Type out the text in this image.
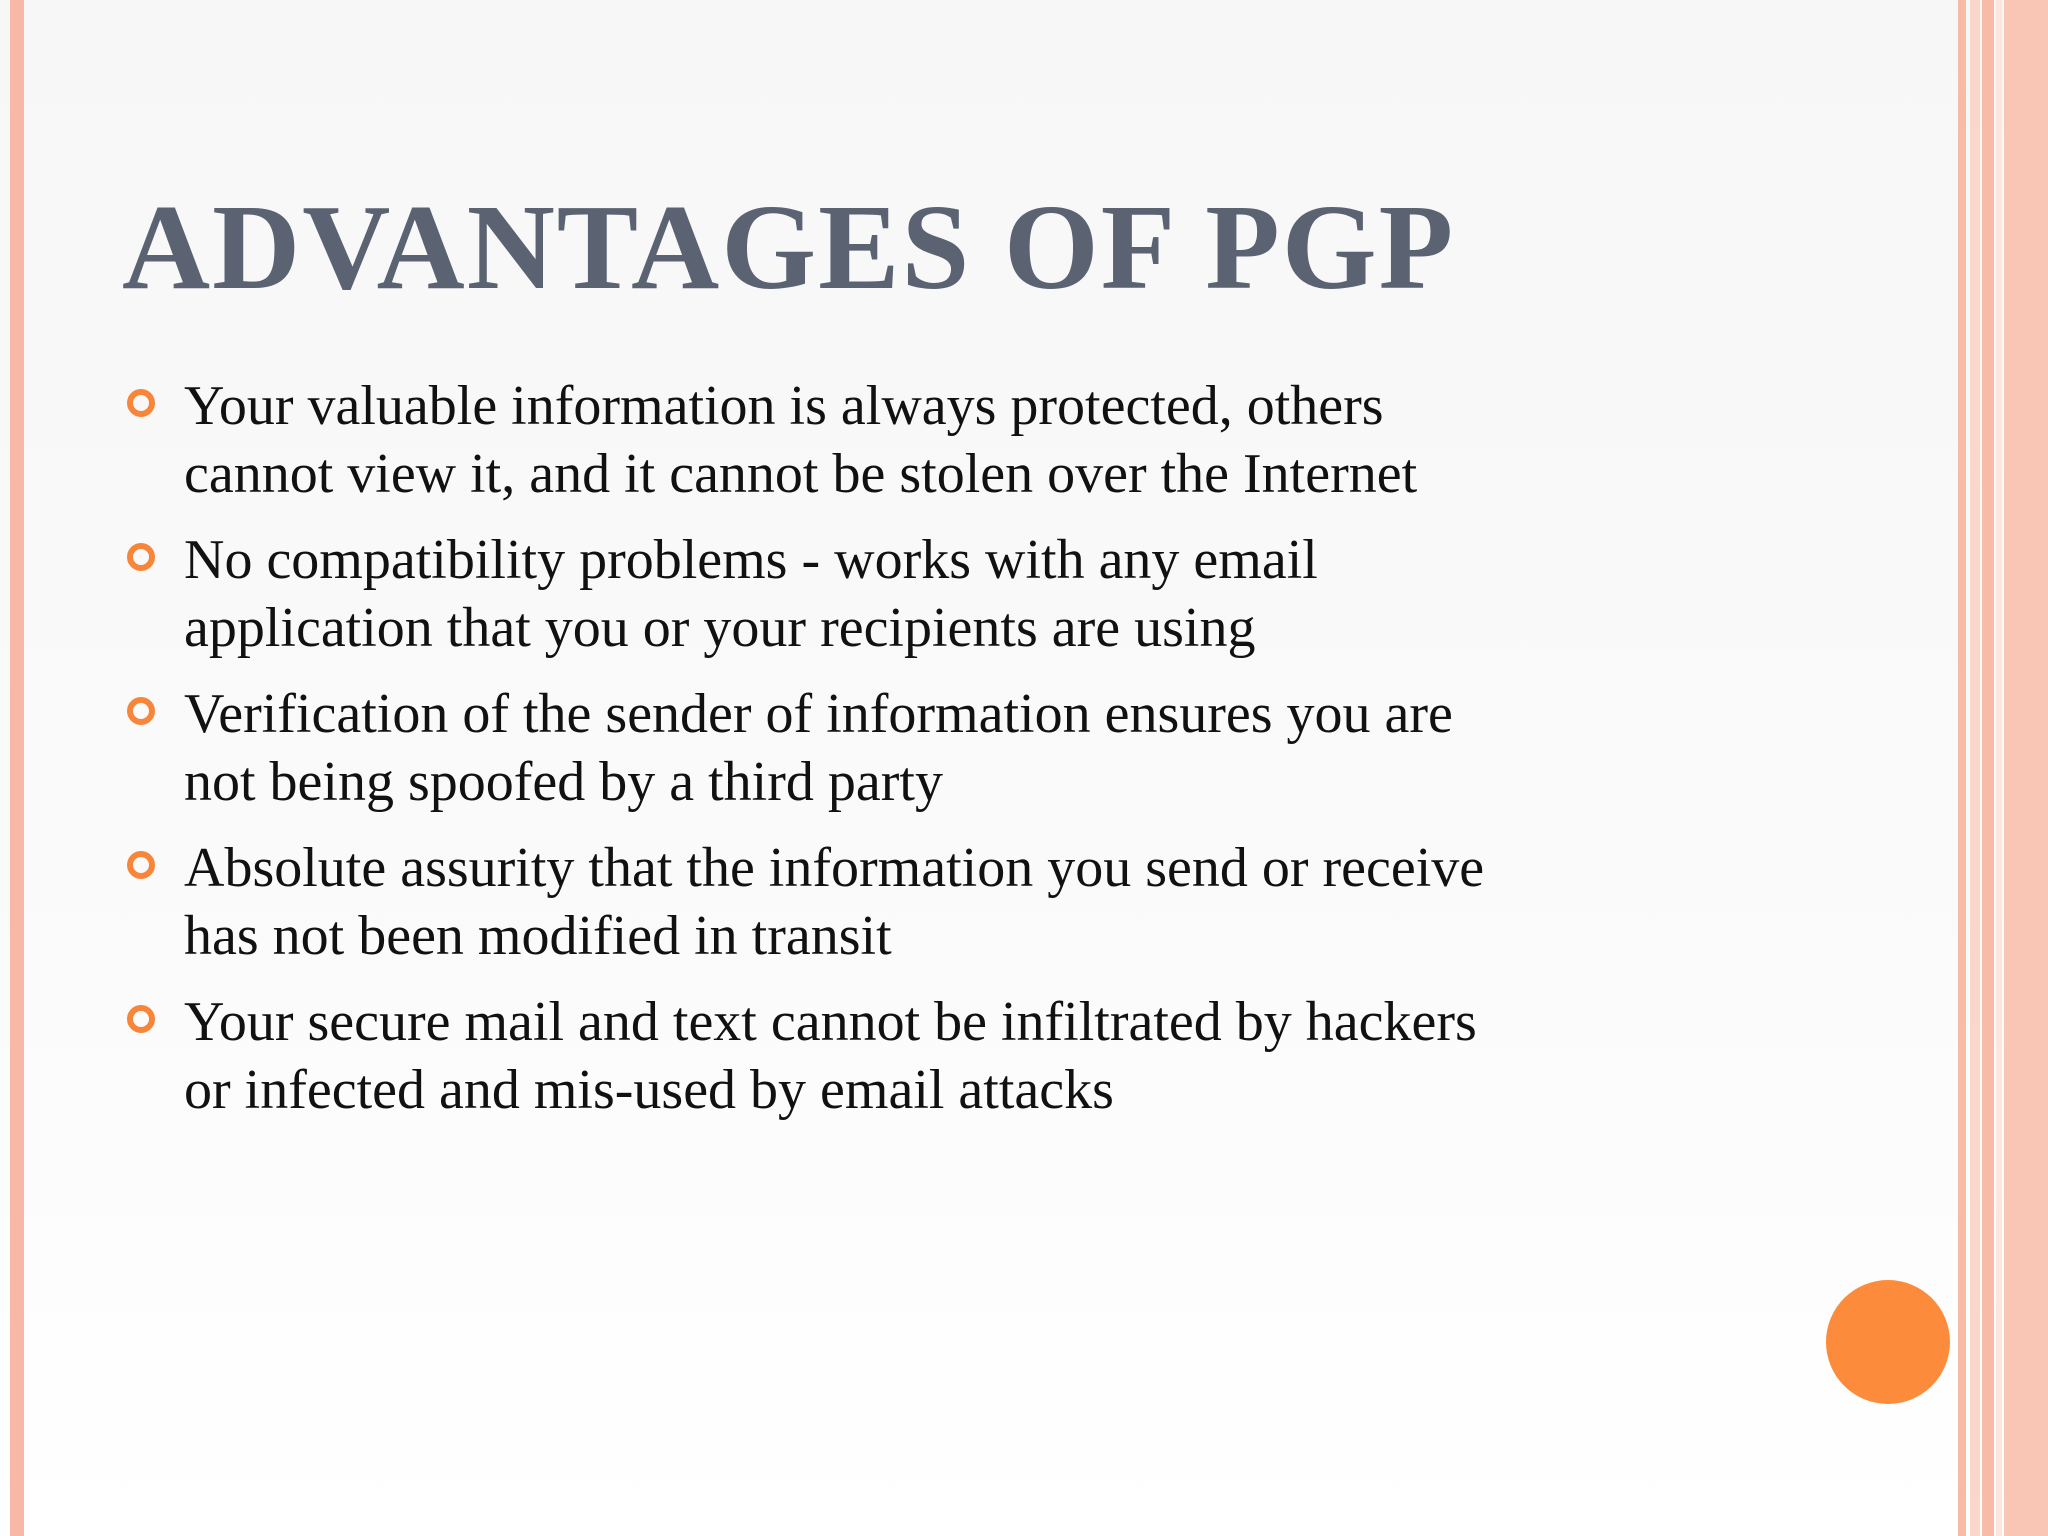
ADVANTAGES OF PGP
Your valuable information is always protected, others
cannot view it, and it cannot be stolen over the Internet
No compatibility problems - works with any email
application that you or your recipients are using
Verification of the sender of information ensures you are
not being spoofed by a third party
Absolute assurity that the information you send or receive
has not been modified in transit
Your secure mail and text cannot be infiltrated by hackers
or infected and mis-used by email attacks
